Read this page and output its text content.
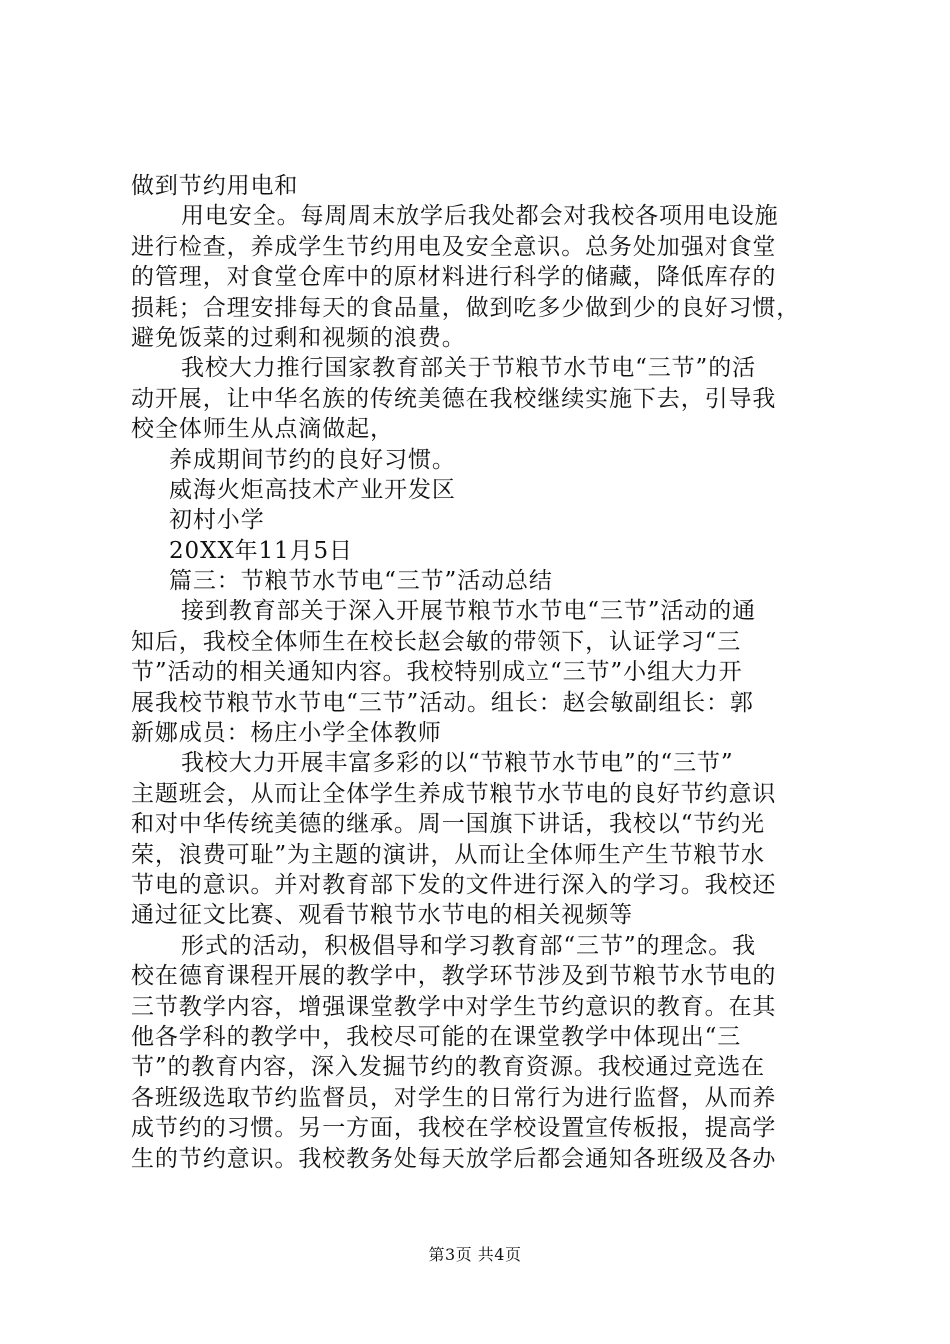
做到节约用电和
用电安全。每周周末放学后我处都会对我校各项用电设施
进行检查，养成学生节约用电及安全意识。总务处加强对食堂
的管理，对食堂仓库中的原材料进行科学的储藏，降低库存的
损耗；合理安排每天的食品量，做到吃多少做到少的良好习惯，
避免饭菜的过剩和视频的浪费。
我校大力推行国家教育部关于节粮节水节电“三节”的活
动开展，让中华名族的传统美德在我校继续实施下去，引导我
校全体师生从点滴做起，
养成期间节约的良好习惯。
威海火炬高技术产业开发区
初村小学
20XX年11月5日
篇三：节粮节水节电“三节”活动总结
接到教育部关于深入开展节粮节水节电“三节”活动的通
知后，我校全体师生在校长赵会敏的带领下，认证学习“三
节”活动的相关通知内容。我校特别成立“三节”小组大力开
展我校节粮节水节电“三节”活动。组长：赵会敏副组长：郭
新娜成员：杨庄小学全体教师
我校大力开展丰富多彩的以“节粮节水节电”的“三节”
主题班会，从而让全体学生养成节粮节水节电的良好节约意识
和对中华传统美德的继承。周一国旗下讲话，我校以“节约光
荣，浪费可耻”为主题的演讲，从而让全体师生产生节粮节水
节电的意识。并对教育部下发的文件进行深入的学习。我校还
通过征文比赛、观看节粮节水节电的相关视频等
形式的活动，积极倡导和学习教育部“三节”的理念。我
校在德育课程开展的教学中，教学环节涉及到节粮节水节电的
三节教学内容，增强课堂教学中对学生节约意识的教育。在其
他各学科的教学中，我校尽可能的在课堂教学中体现出“三
节”的教育内容，深入发掘节约的教育资源。我校通过竞选在
各班级选取节约监督员，对学生的日常行为进行监督，从而养
成节约的习惯。另一方面，我校在学校设置宣传板报，提高学
生的节约意识。我校教务处每天放学后都会通知各班级及各办
第3页 共4页
